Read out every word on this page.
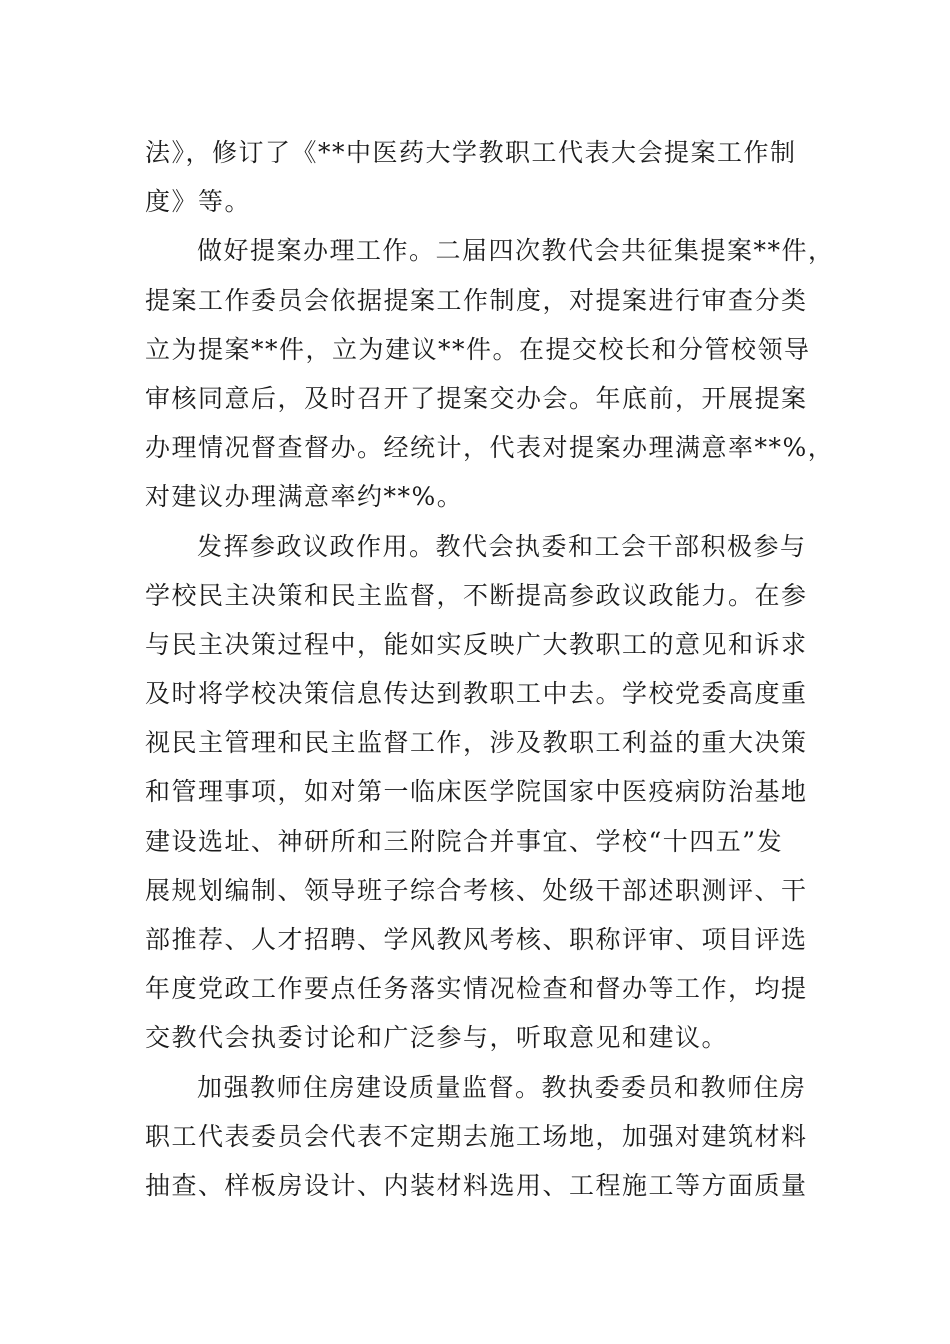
法》，修订了《**中医药大学教职工代表大会提案工作制
度》等。
做好提案办理工作。二届四次教代会共征集提案**件，
提案工作委员会依据提案工作制度，对提案进行审查分类
立为提案**件，立为建议**件。在提交校长和分管校领导
审核同意后，及时召开了提案交办会。年底前，开展提案
办理情况督查督办。经统计，代表对提案办理满意率**%，
对建议办理满意率约**%。
发挥参政议政作用。教代会执委和工会干部积极参与
学校民主决策和民主监督，不断提高参政议政能力。在参
与民主决策过程中，能如实反映广大教职工的意见和诉求
及时将学校决策信息传达到教职工中去。学校党委高度重
视民主管理和民主监督工作，涉及教职工利益的重大决策
和管理事项，如对第一临床医学院国家中医疫病防治基地
建设选址、神研所和三附院合并事宜、学校“十四五”发
展规划编制、领导班子综合考核、处级干部述职测评、干
部推荐、人才招聘、学风教风考核、职称评审、项目评选
年度党政工作要点任务落实情况检查和督办等工作，均提
交教代会执委讨论和广泛参与，听取意见和建议。
加强教师住房建设质量监督。教执委委员和教师住房
职工代表委员会代表不定期去施工场地，加强对建筑材料
抽查、样板房设计、内装材料选用、工程施工等方面质量
